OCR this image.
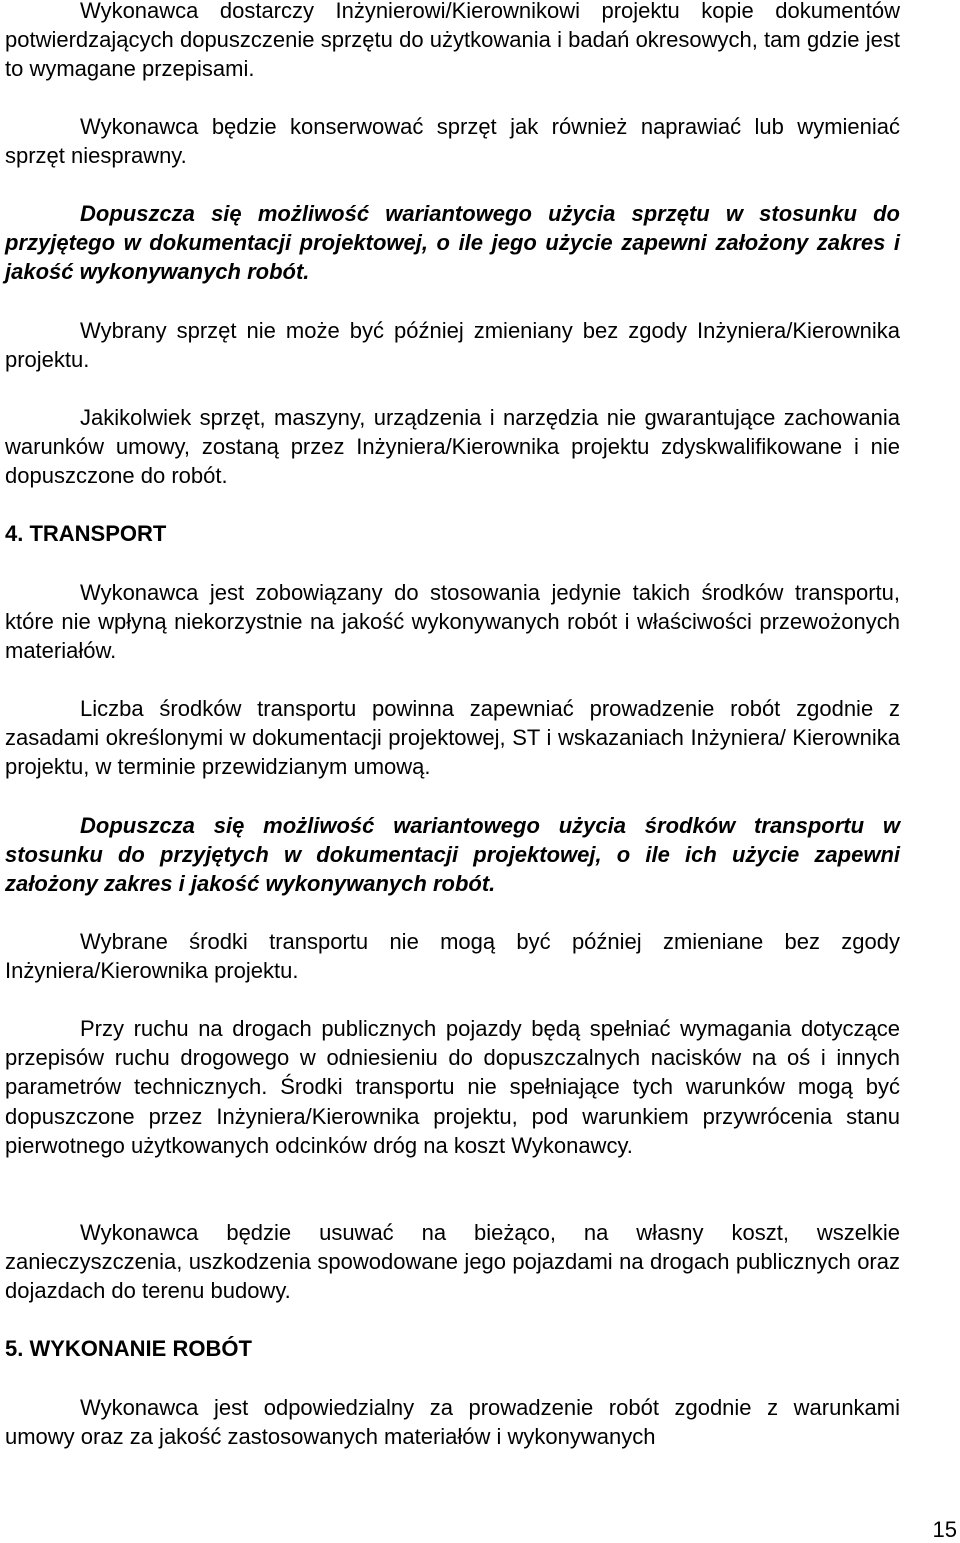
Wykonawca dostarczy Inżynierowi/Kierownikowi projektu kopie dokumentów potwierdzających dopuszczenie sprzętu do użytkowania i badań okresowych, tam gdzie jest to wymagane przepisami.

Wykonawca będzie konserwować sprzęt jak również naprawiać lub wymieniać sprzęt niesprawny.

Dopuszcza się możliwość wariantowego użycia sprzętu w stosunku do przyjętego w dokumentacji projektowej, o ile jego użycie zapewni założony zakres i jakość wykonywanych robót.

Wybrany sprzęt nie może być później zmieniany bez zgody Inżyniera/Kierownika projektu.

Jakikolwiek sprzęt, maszyny, urządzenia i narzędzia nie gwarantujące zachowania warunków umowy, zostaną przez Inżyniera/Kierownika projektu zdyskwalifikowane i nie dopuszczone do robót.

4. TRANSPORT

Wykonawca jest zobowiązany do stosowania jedynie takich środków transportu, które nie wpłyną niekorzystnie na jakość wykonywanych robót i właściwości przewożonych materiałów.

Liczba środków transportu powinna zapewniać prowadzenie robót zgodnie z zasadami określonymi w dokumentacji projektowej, ST i wskazaniach Inżyniera/ Kierownika projektu, w terminie przewidzianym umową.

Dopuszcza się możliwość wariantowego użycia środków transportu w stosunku do przyjętych w dokumentacji projektowej, o ile ich użycie zapewni założony zakres i jakość wykonywanych robót.

Wybrane środki transportu nie mogą być później zmieniane bez zgody Inżyniera/Kierownika projektu.

Przy ruchu na drogach publicznych pojazdy będą spełniać wymagania dotyczące przepisów ruchu drogowego w odniesieniu do dopuszczalnych nacisków na oś i innych parametrów technicznych. Środki transportu nie spełniające tych warunków mogą być dopuszczone przez Inżyniera/Kierownika projektu, pod warunkiem przywrócenia stanu pierwotnego użytkowanych odcinków dróg na koszt Wykonawcy.

Wykonawca będzie usuwać na bieżąco, na własny koszt, wszelkie zanieczyszczenia, uszkodzenia spowodowane jego pojazdami na drogach publicznych oraz dojazdach do terenu budowy.

5. WYKONANIE ROBÓT

Wykonawca jest odpowiedzialny za prowadzenie robót zgodnie z warunkami umowy oraz za jakość zastosowanych materiałów i wykonywanych

15
